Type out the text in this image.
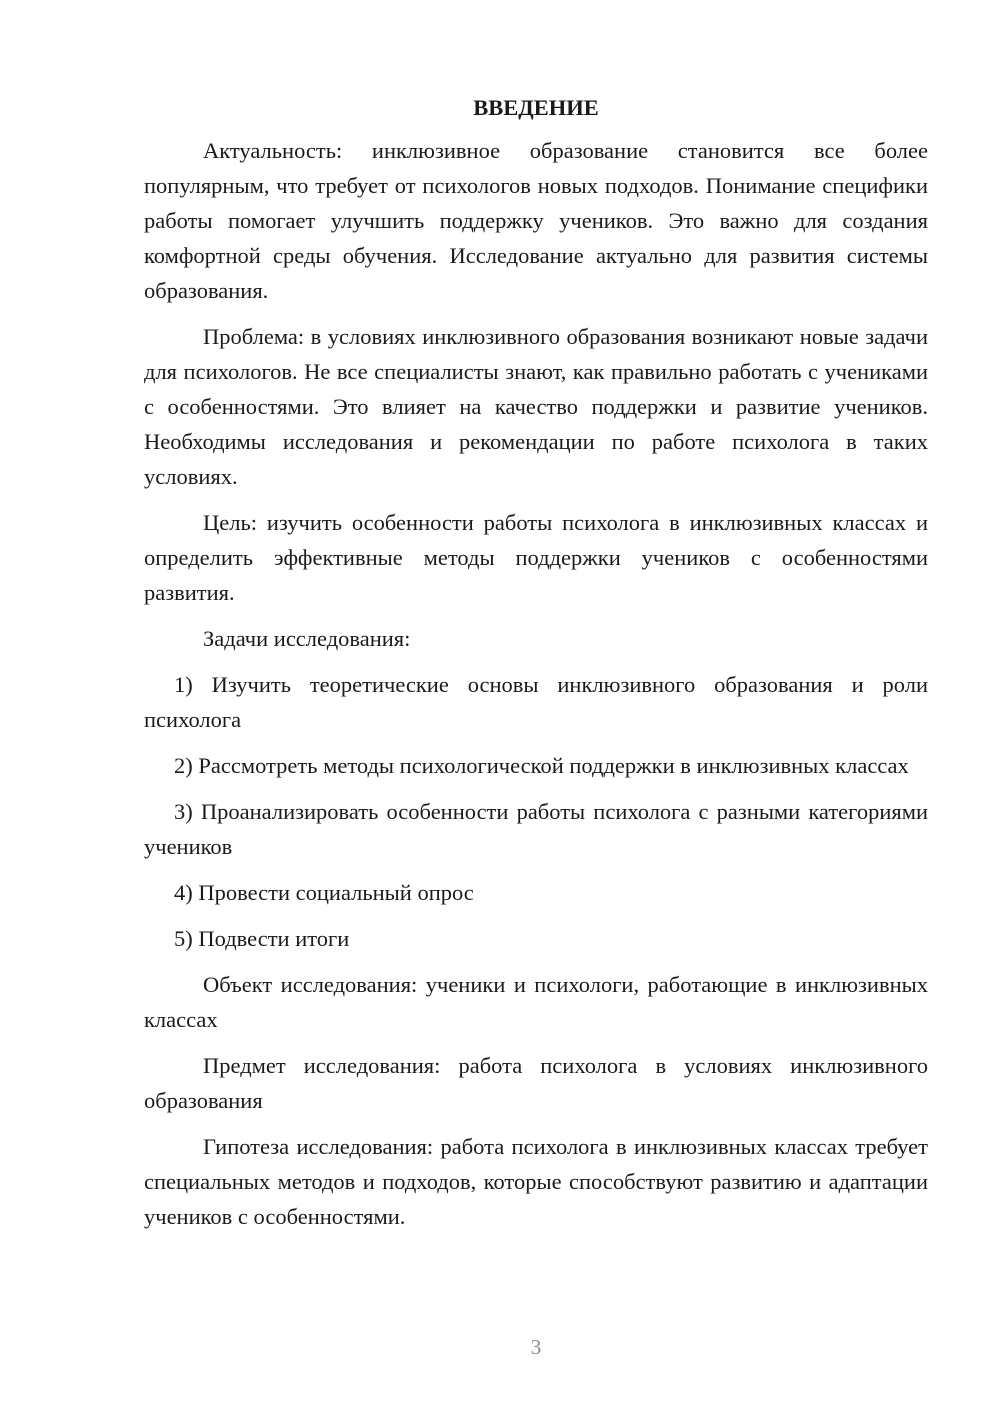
ВВЕДЕНИЕ
Актуальность: инклюзивное образование становится все более популярным, что требует от психологов новых подходов. Понимание специфики работы помогает улучшить поддержку учеников. Это важно для создания комфортной среды обучения. Исследование актуально для развития системы образования.
Проблема: в условиях инклюзивного образования возникают новые задачи для психологов. Не все специалисты знают, как правильно работать с учениками с особенностями. Это влияет на качество поддержки и развитие учеников. Необходимы исследования и рекомендации по работе психолога в таких условиях.
Цель: изучить особенности работы психолога в инклюзивных классах и определить эффективные методы поддержки учеников с особенностями развития.
Задачи исследования:
1) Изучить теоретические основы инклюзивного образования и роли психолога
2) Рассмотреть методы психологической поддержки в инклюзивных классах
3) Проанализировать особенности работы психолога с разными категориями учеников
4) Провести социальный опрос
5) Подвести итоги
Объект исследования: ученики и психологи, работающие в инклюзивных классах
Предмет исследования: работа психолога в условиях инклюзивного образования
Гипотеза исследования: работа психолога в инклюзивных классах требует специальных методов и подходов, которые способствуют развитию и адаптации учеников с особенностями.
3
